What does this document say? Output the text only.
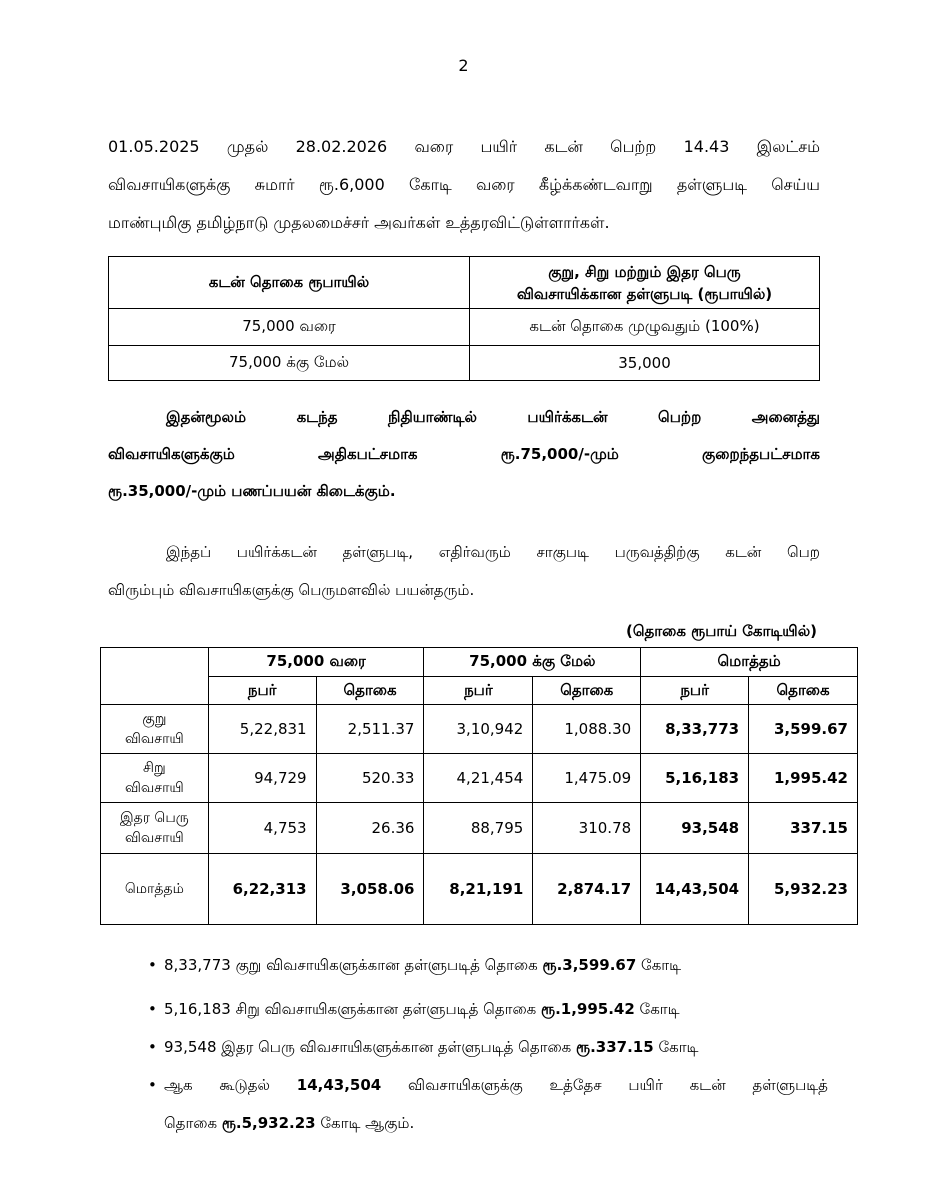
2
01.05.2025 முதல் 28.02.2026 வரை பயிர் கடன் பெற்ற 14.43 இலட்சம்
விவசாயிகளுக்கு சுமார் ரூ.6,000 கோடி வரை கீழ்க்கண்டவாறு தள்ளுபடி செய்ய
மாண்புமிகு தமிழ்நாடு முதலமைச்சர் அவர்கள் உத்தரவிட்டுள்ளார்கள்.
கடன் தொகை ரூபாயில்	குறு, சிறு மற்றும் இதர பெரு
விவசாயிக்கான தள்ளுபடி (ரூபாயில்)

75,000 வரை	கடன் தொகை முழுவதும் (100%)
75,000 க்கு மேல்	35,000
இதன்மூலம்	கடந்த	நிதியாண்டில்	பயிர்க்கடன்	பெற்ற	அனைத்து
விவசாயிகளுக்கும்	அதிகபட்சமாக	ரூ.75,000/-மும்	குறைந்தபட்சமாக
ரூ.35,000/-மும் பணப்பயன் கிடைக்கும்.
இந்தப் பயிர்க்கடன் தள்ளுபடி, எதிர்வரும் சாகுபடி பருவத்திற்கு கடன் பெற
விரும்பும் விவசாயிகளுக்கு பெருமளவில் பயன்தரும்.
(தொகை ரூபாய் கோடியில்)
	75,000 வரை		75,000 க்கு மேல்		மொத்தம்	
	நபர்	தொகை	நபர்	தொகை	நபர்	தொகை

குறு
விவசாயி	5,22,831	2,511.37	3,10,942	1,088.30	8,33,773	3,599.67

சிறு
விவசாயி	94,729	520.33	4,21,454	1,475.09	5,16,183	1,995.42

இதர பெரு
விவசாயி	4,753	26.36	88,795	310.78	93,548	337.15
மொத்தம்	6,22,313	3,058.06	8,21,191	2,874.17	14,43,504	5,932.23
• 8,33,773 குறு விவசாயிகளுக்கான தள்ளுபடித் தொகை ரூ.3,599.67 கோடி
• 5,16,183 சிறு விவசாயிகளுக்கான தள்ளுபடித் தொகை ரூ.1,995.42 கோடி
• 93,548 இதர பெரு விவசாயிகளுக்கான தள்ளுபடித் தொகை ரூ.337.15 கோடி
• ஆக கூடுதல் 14,43,504 விவசாயிகளுக்கு உத்தேச பயிர் கடன் தள்ளுபடித்
தொகை ரூ.5,932.23 கோடி ஆகும்.
